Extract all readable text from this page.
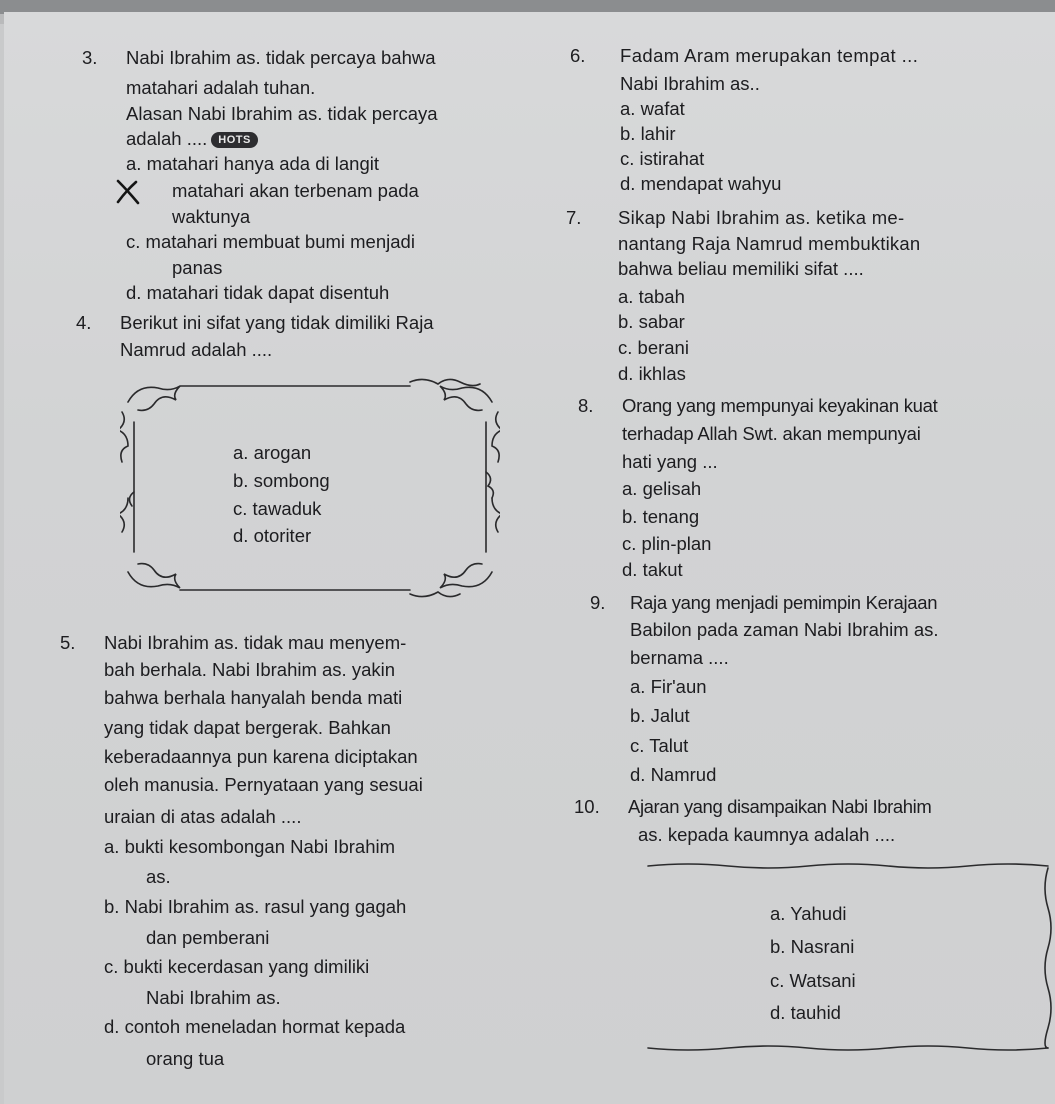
3. Nabi Ibrahim as. tidak percaya bahwa
matahari adalah tuhan.
Alasan Nabi Ibrahim as. tidak percaya
adalah .... HOTS
a. matahari hanya ada di langit
matahari akan terbenam pada
waktunya
c. matahari membuat bumi menjadi
panas
d. matahari tidak dapat disentuh
4. Berikut ini sifat yang tidak dimiliki Raja
Namrud adalah ....
a. arogan
b. sombong
c. tawaduk
d. otoriter
5. Nabi Ibrahim as. tidak mau menyem-
bah berhala. Nabi Ibrahim as. yakin
bahwa berhala hanyalah benda mati
yang tidak dapat bergerak. Bahkan
keberadaannya pun karena diciptakan
oleh manusia. Pernyataan yang sesuai
uraian di atas adalah ....
a. bukti kesombongan Nabi Ibrahim
as.
b. Nabi Ibrahim as. rasul yang gagah
dan pemberani
c. bukti kecerdasan yang dimiliki
Nabi Ibrahim as.
d. contoh meneladan hormat kepada
orang tua
6. Fadam Aram merupakan tempat ...
Nabi Ibrahim as..
a. wafat
b. lahir
c. istirahat
d. mendapat wahyu
7. Sikap Nabi Ibrahim as. ketika me-
nantang Raja Namrud membuktikan
bahwa beliau memiliki sifat ....
a. tabah
b. sabar
c. berani
d. ikhlas
8. Orang yang mempunyai keyakinan kuat
terhadap Allah Swt. akan mempunyai
hati yang ...
a. gelisah
b. tenang
c. plin-plan
d. takut
9. Raja yang menjadi pemimpin Kerajaan
Babilon pada zaman Nabi Ibrahim as.
bernama ....
a. Fir'aun
b. Jalut
c. Talut
d. Namrud
10. Ajaran yang disampaikan Nabi Ibrahim
as. kepada kaumnya adalah ....
a. Yahudi
b. Nasrani
c. Watsani
d. tauhid
